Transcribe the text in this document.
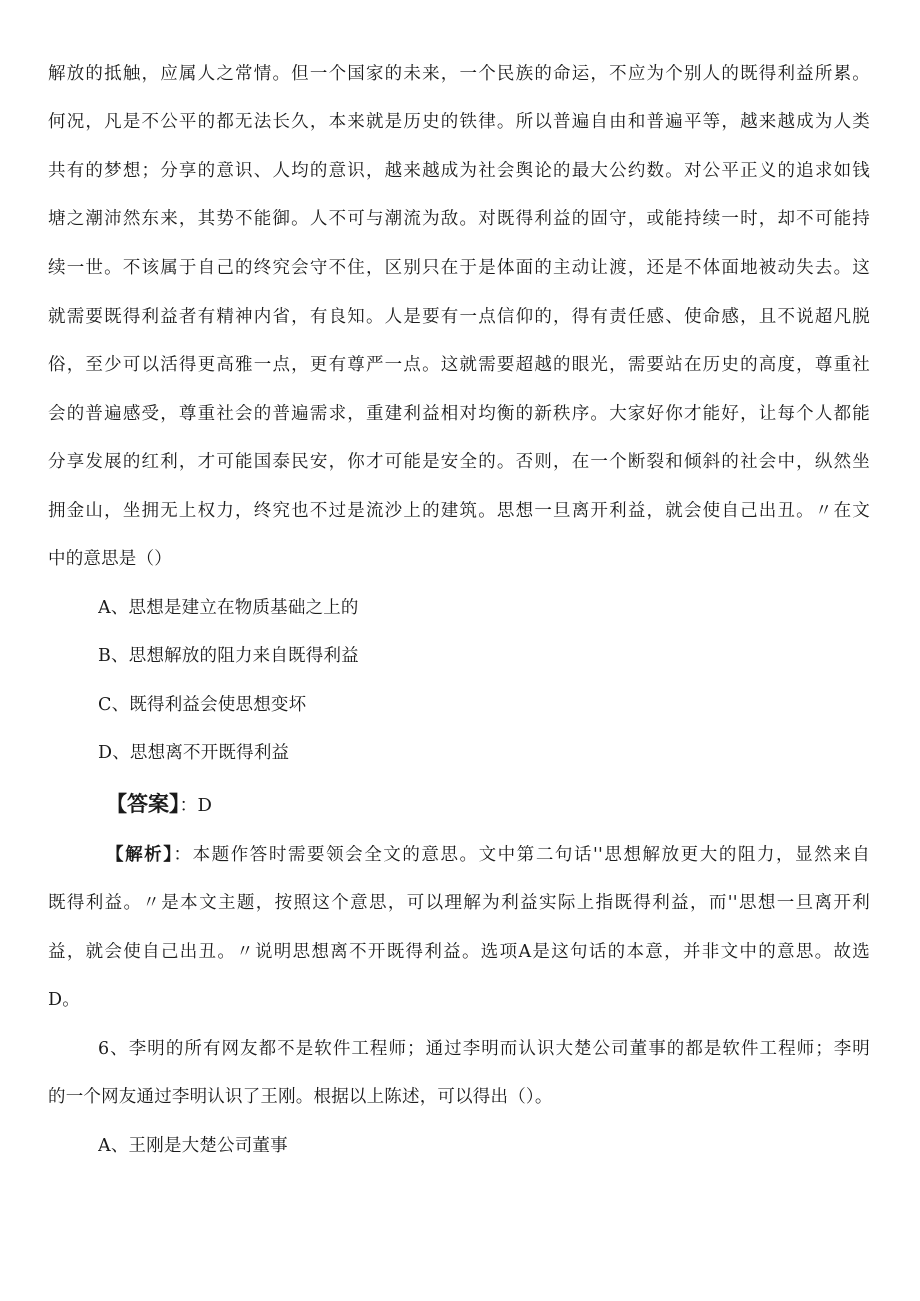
解放的抵触，应属人之常情。但一个国家的未来，一个民族的命运，不应为个别人的既得利益所累。
何况，凡是不公平的都无法长久，本来就是历史的铁律。所以普遍自由和普遍平等，越来越成为人类
共有的梦想；分享的意识、人均的意识，越来越成为社会舆论的最大公约数。对公平正义的追求如钱
塘之潮沛然东来，其势不能御。人不可与潮流为敌。对既得利益的固守，或能持续一时，却不可能持
续一世。不该属于自己的终究会守不住，区别只在于是体面的主动让渡，还是不体面地被动失去。这
就需要既得利益者有精神内省，有良知。人是要有一点信仰的，得有责任感、使命感，且不说超凡脱
俗，至少可以活得更高雅一点，更有尊严一点。这就需要超越的眼光，需要站在历史的高度，尊重社
会的普遍感受，尊重社会的普遍需求，重建利益相对均衡的新秩序。大家好你才能好，让每个人都能
分享发展的红利，才可能国泰民安，你才可能是安全的。否则，在一个断裂和倾斜的社会中，纵然坐
拥金山，坐拥无上权力，终究也不过是流沙上的建筑。思想一旦离开利益，就会使自己出丑。〃在文
中的意思是（）
A、思想是建立在物质基础之上的
B、思想解放的阻力来自既得利益
C、既得利益会使思想变坏
D、思想离不开既得利益
【答案】：D
【解析】：本题作答时需要领会全文的意思。文中第二句话''思想解放更大的阻力，显然来自
既得利益。〃是本文主题，按照这个意思，可以理解为利益实际上指既得利益，而''思想一旦离开利
益，就会使自己出丑。〃说明思想离不开既得利益。选项A是这句话的本意，并非文中的意思。故选
D。
6、李明的所有网友都不是软件工程师；通过李明而认识大楚公司董事的都是软件工程师；李明
的一个网友通过李明认识了王刚。根据以上陈述，可以得出（）。
A、王刚是大楚公司董事
